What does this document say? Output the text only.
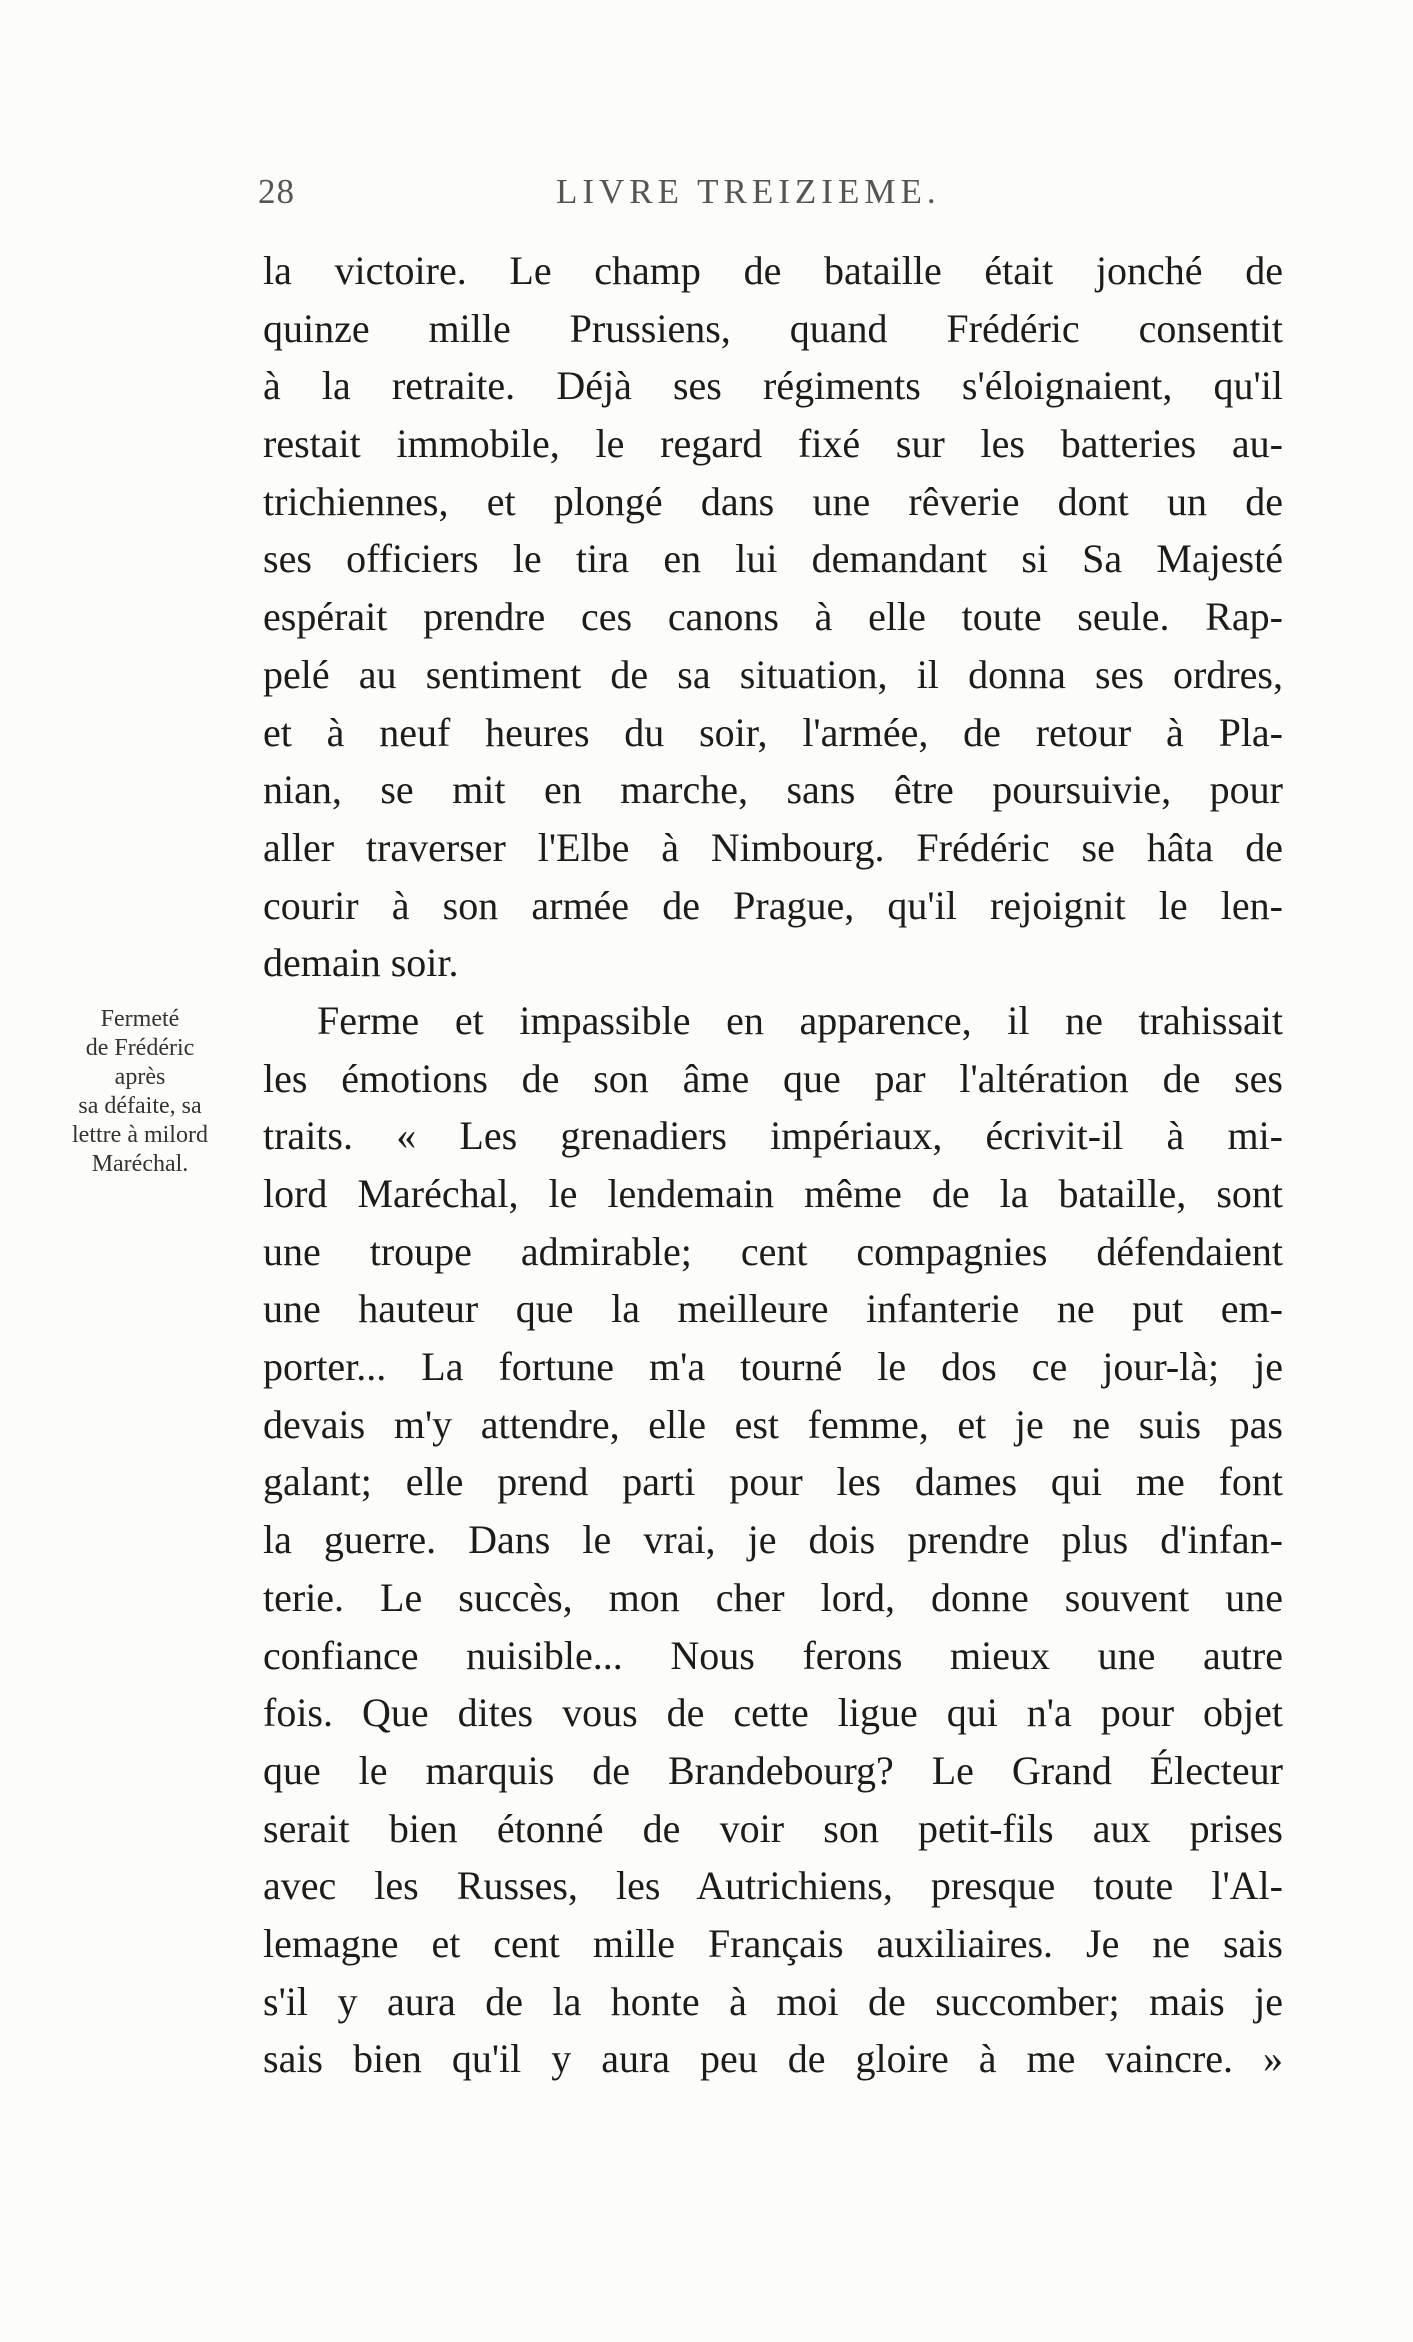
28	LIVRE TREIZIEME.
Fermeté
de Frédéric
après
sa défaite, sa
lettre à milord
Maréchal.
la victoire. Le champ de bataille était jonché de
quinze mille Prussiens, quand Frédéric consentit
à la retraite. Déjà ses régiments s'éloignaient, qu'il
restait immobile, le regard fixé sur les batteries au-
trichiennes, et plongé dans une rêverie dont un de
ses officiers le tira en lui demandant si Sa Majesté
espérait prendre ces canons à elle toute seule. Rap-
pelé au sentiment de sa situation, il donna ses ordres,
et à neuf heures du soir, l'armée, de retour à Pla-
nian, se mit en marche, sans être poursuivie, pour
aller traverser l'Elbe à Nimbourg. Frédéric se hâta de
courir à son armée de Prague, qu'il rejoignit le len-
demain soir.
Ferme et impassible en apparence, il ne trahissait
les émotions de son âme que par l'altération de ses
traits. « Les grenadiers impériaux, écrivit-il à mi-
lord Maréchal, le lendemain même de la bataille, sont
une troupe admirable; cent compagnies défendaient
une hauteur que la meilleure infanterie ne put em-
porter... La fortune m'a tourné le dos ce jour-là; je
devais m'y attendre, elle est femme, et je ne suis pas
galant; elle prend parti pour les dames qui me font
la guerre. Dans le vrai, je dois prendre plus d'infan-
terie. Le succès, mon cher lord, donne souvent une
confiance nuisible... Nous ferons mieux une autre
fois. Que dites vous de cette ligue qui n'a pour objet
que le marquis de Brandebourg? Le Grand Électeur
serait bien étonné de voir son petit-fils aux prises
avec les Russes, les Autrichiens, presque toute l'Al-
lemagne et cent mille Français auxiliaires. Je ne sais
s'il y aura de la honte à moi de succomber; mais je
sais bien qu'il y aura peu de gloire à me vaincre. »
